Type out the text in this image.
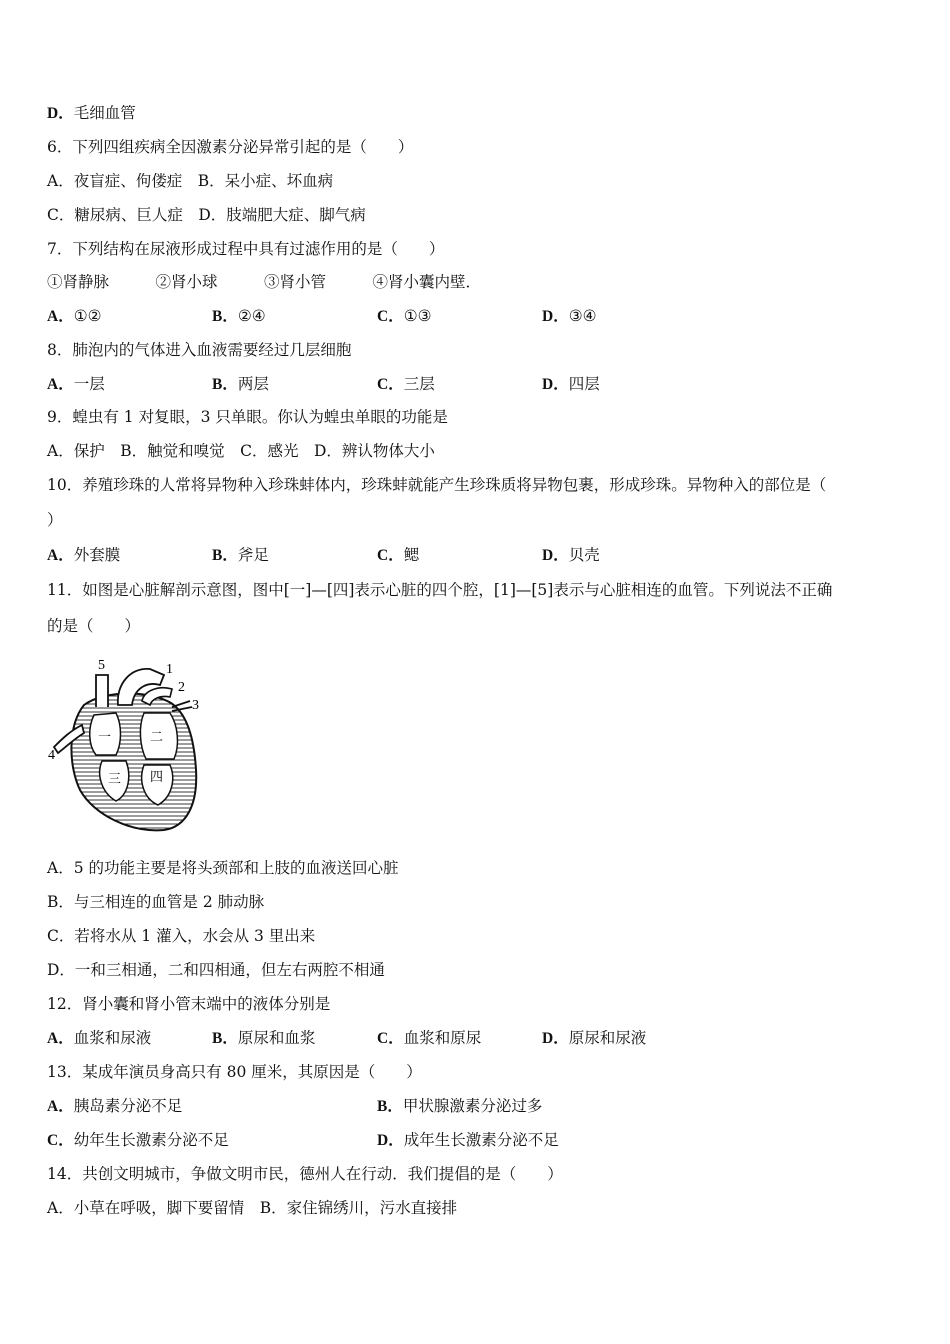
D．毛细血管
6．下列四组疾病全因激素分泌异常引起的是（　　）
A．夜盲症、佝偻症　B．呆小症、坏血病
C．糖尿病、巨人症　D．肢端肥大症、脚气病
7．下列结构在尿液形成过程中具有过滤作用的是（　　）
①肾静脉　　　②肾小球　　　③肾小管　　　④肾小囊内壁．
A．①②	B．②④	C．①③	D．③④
8．肺泡内的气体进入血液需要经过几层细胞
A．一层	B．两层	C．三层	D．四层
9．蝗虫有 1 对复眼，3 只单眼。你认为蝗虫单眼的功能是
A．保护　B．触觉和嗅觉　C．感光　D．辨认物体大小
10．养殖珍珠的人常将异物种入珍珠蚌体内，珍珠蚌就能产生珍珠质将异物包裹，形成珍珠。异物种入的部位是（
）
A．外套膜	B．斧足	C．鳃	D．贝壳
11．如图是心脏解剖示意图，图中[一]—[四]表示心脏的四个腔，[1]—[5]表示与心脏相连的血管。下列说法不正确
的是（　　）
5	1
2
3
4
一	二
三 四
A．5 的功能主要是将头颈部和上肢的血液送回心脏
B．与三相连的血管是 2 肺动脉
C．若将水从 1 灌入，水会从 3 里出来
D．一和三相通，二和四相通，但左右两腔不相通
12．肾小囊和肾小管末端中的液体分别是
A．血浆和尿液	B．原尿和血浆	C．血浆和原尿	D．原尿和尿液
13．某成年演员身高只有 80 厘米，其原因是（　　）
A．胰岛素分泌不足	B．甲状腺激素分泌过多
C．幼年生长激素分泌不足	D．成年生长激素分泌不足
14．共创文明城市，争做文明市民，德州人在行动．我们提倡的是（　　）
A．小草在呼吸，脚下要留情　B．家住锦绣川，污水直接排
